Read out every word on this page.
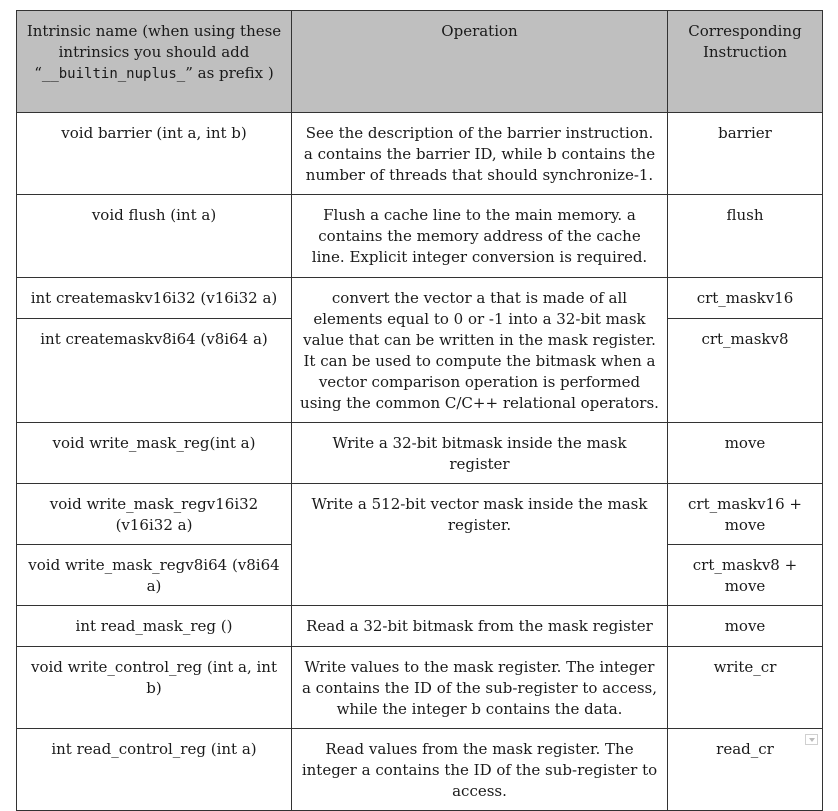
Intrinsic name (when using these intrinsics you should add “__builtin_nuplus_” as prefix )	Operation	Corresponding Instruction
void barrier (int a, int b)	See the description of the barrier instruction. a contains the barrier ID, while b contains the number of threads that should synchronize-1.	barrier
void flush (int a)	Flush a cache line to the main memory. a contains the memory address of the cache line. Explicit integer conversion is required.	flush
int createmaskv16i32 (v16i32 a)	convert the vector a that is made of all elements equal to 0 or -1 into a 32-bit mask value that can be written in the mask register. It can be used to compute the bitmask when a vector comparison operation is performed using the common C/C++ relational operators.	crt_maskv16
int createmaskv8i64 (v8i64 a)		crt_maskv8
void write_mask_reg(int a)	Write a 32-bit bitmask inside the mask register	move
void write_mask_regv16i32 (v16i32 a)	Write a 512-bit vector mask inside the mask register.	crt_maskv16 + move
void write_mask_regv8i64 (v8i64 a)		crt_maskv8 + move
int read_mask_reg ()	Read a 32-bit bitmask from the mask register	move
void write_control_reg (int a, int b)	Write values to the mask register. The integer a contains the ID of the sub-register to access, while the integer b contains the data.	write_cr
int read_control_reg (int a)	Read values from the mask register. The integer a contains the ID of the sub-register to access.	read_cr
